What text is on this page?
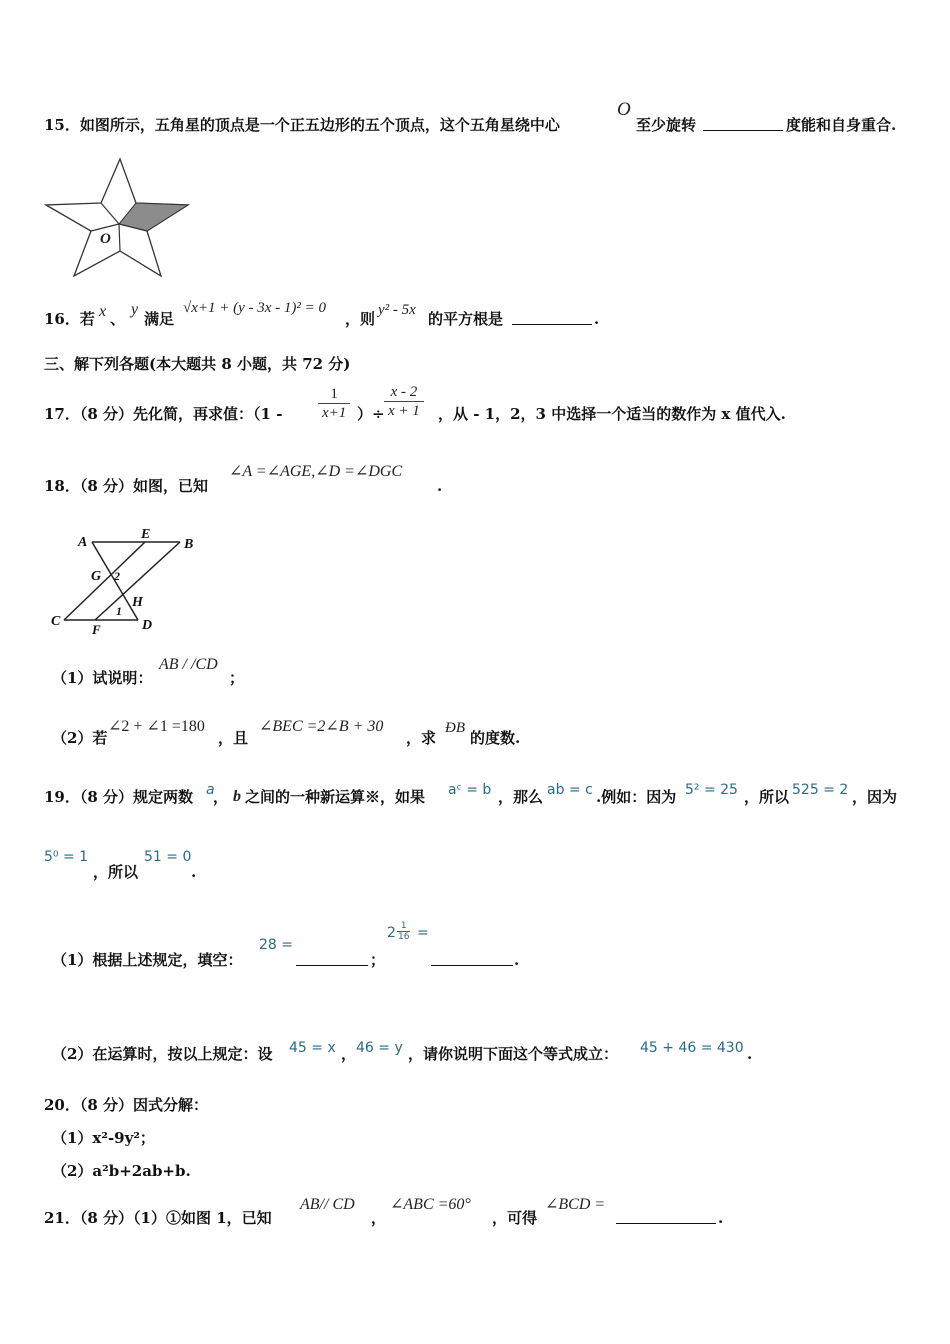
15．如图所示，五角星的顶点是一个正五边形的五个顶点，这个五角星绕中心
O
至少旋转	度能和自身重合.
O
16．若 x 、
y
满足
√x+1 + (y - 3x - 1)² = 0
，则 y² - 5x 的平方根是	.
三、解下列各题(本大题共 8 小题，共 72 分)
17．（8 分）先化简，再求值：（$1 - \frac{1}{x+1}$ ）÷ $\frac{x - 2}{x + 1}$ ，从 - 1，2，3 中选择一个适当的数作为 x 值代入.
18．（8 分）如图，已知
∠A =∠AGE,∠D =∠DGC
.
A
E
B
G 2
H
1
C
F	D
（1）试说明：
AB / /CD
；
（2）若
∠2 + ∠1 =180
，且
∠BEC =2∠B + 30
，求
ÐB
的度数.
19．（8 分）规定两数 a
， b 之间的一种新运算※，如果 aᶜ = b ，那么 ab = c .例如：因为 5² = 25 ，所以 525 = 2 ，因为
5⁰ = 1
，所以
51 = 0
.
（1）根据上述规定，填空：
28 =
；
$2 \frac{1}{16}$ =
.
（2）在运算时，按以上规定：设 45 = x ， 46 = y ，请你说明下面这个等式成立： 45 + 46 = 430 .
20．（8 分）因式分解：
（1）x²-9y²；
（2）a²b+2ab+b.
21．（8 分）（1）①如图 1，已知
AB// CD
，
∠ABC =60°
，可得
∠BCD =
.
